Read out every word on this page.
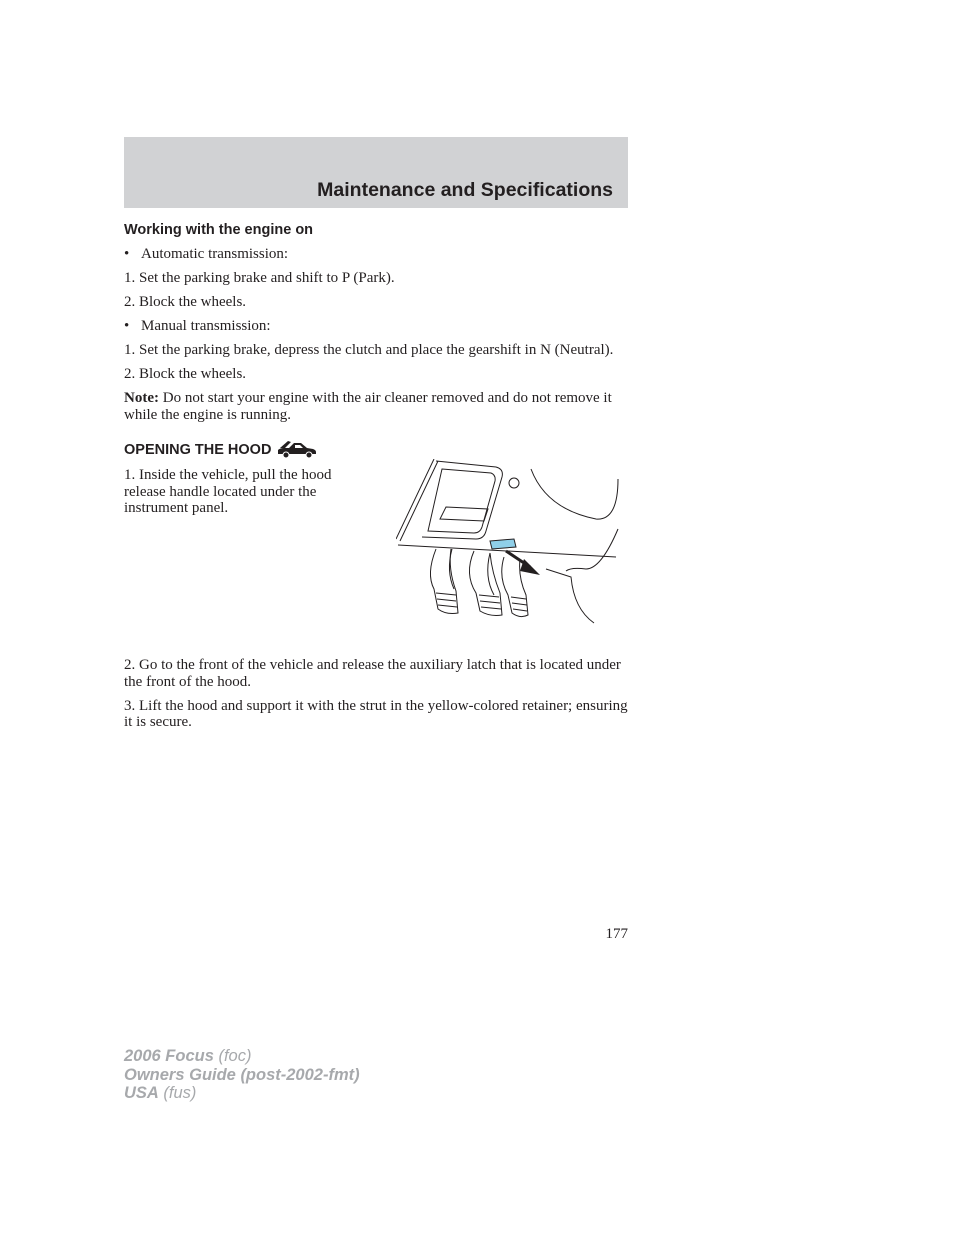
Maintenance and Specifications

Working with the engine on

• Automatic transmission:

1. Set the parking brake and shift to P (Park).

2. Block the wheels.

• Manual transmission:

1. Set the parking brake, depress the clutch and place the gearshift in N (Neutral).

2. Block the wheels.

Note: Do not start your engine with the air cleaner removed and do not remove it while the engine is running.

OPENING THE HOOD

1. Inside the vehicle, pull the hood release handle located under the instrument panel.

2. Go to the front of the vehicle and release the auxiliary latch that is located under the front of the hood.

3. Lift the hood and support it with the strut in the yellow-colored retainer; ensuring it is secure.

177
2006 Focus (foc)
Owners Guide (post-2002-fmt)
USA (fus)
